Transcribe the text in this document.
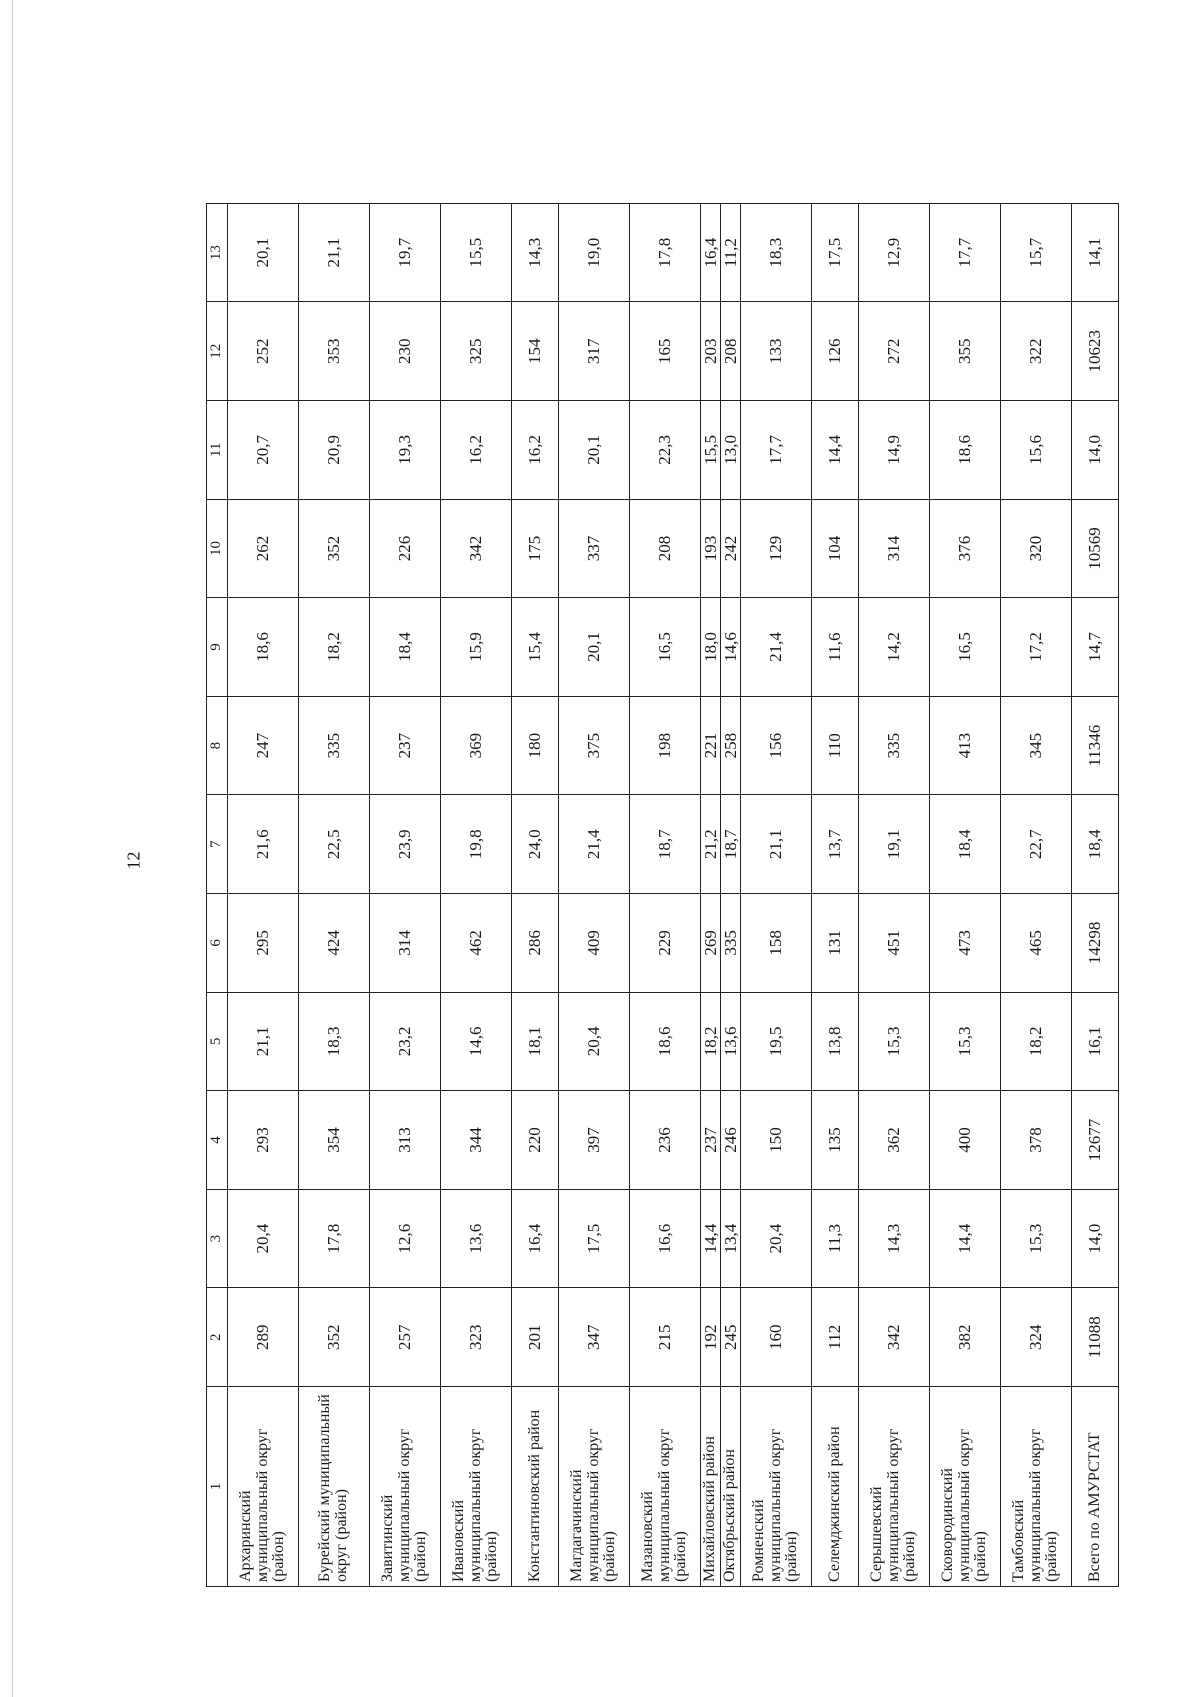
12
1	2	3	4	5	6	7	8	9	10	11	12	13
Архаринский муниципальный округ (район)	289	20,4	293	21,1	295	21,6	247	18,6	262	20,7	252	20,1
Бурейский муниципальный округ (район)	352	17,8	354	18,3	424	22,5	335	18,2	352	20,9	353	21,1
Завитинский муниципальный округ (район)	257	12,6	313	23,2	314	23,9	237	18,4	226	19,3	230	19,7
Ивановский муниципальный округ (район)	323	13,6	344	14,6	462	19,8	369	15,9	342	16,2	325	15,5
Константиновский район	201	16,4	220	18,1	286	24,0	180	15,4	175	16,2	154	14,3
Магдагачинский муниципальный округ (район)	347	17,5	397	20,4	409	21,4	375	20,1	337	20,1	317	19,0
Мазановский муниципальный округ (район)	215	16,6	236	18,6	229	18,7	198	16,5	208	22,3	165	17,8
Михайловский район	192	14,4	237	18,2	269	21,2	221	18,0	193	15,5	203	16,4
Октябрьский район	245	13,4	246	13,6	335	18,7	258	14,6	242	13,0	208	11,2
Ромненский муниципальный округ (район)	160	20,4	150	19,5	158	21,1	156	21,4	129	17,7	133	18,3
Селемджинский район	112	11,3	135	13,8	131	13,7	110	11,6	104	14,4	126	17,5
Серышевский муниципальный округ (район)	342	14,3	362	15,3	451	19,1	335	14,2	314	14,9	272	12,9
Сковородинский муниципальный округ (район)	382	14,4	400	15,3	473	18,4	413	16,5	376	18,6	355	17,7
Тамбовский муниципальный округ (район)	324	15,3	378	18,2	465	22,7	345	17,2	320	15,6	322	15,7
Всего по АМУРСТАТ	11088	14,0	12677	16,1	14298	18,4	11346	14,7	10569	14,0	10623	14,1
